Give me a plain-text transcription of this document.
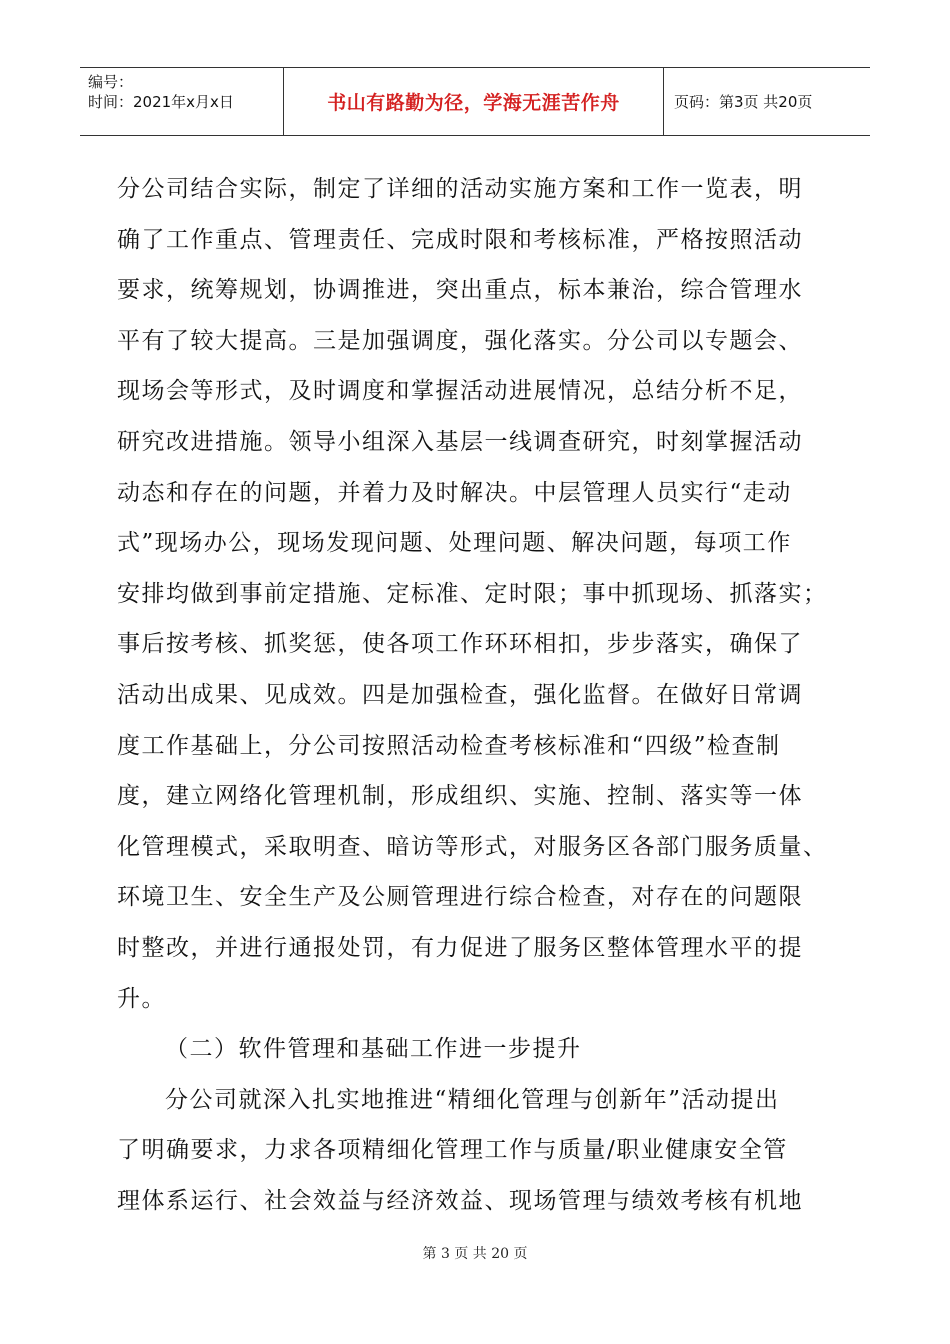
编号：
时间：2021年x月x日	书山有路勤为径，学海无涯苦作舟	页码：第3页 共20页
分公司结合实际，制定了详细的活动实施方案和工作一览表，明
确了工作重点、管理责任、完成时限和考核标准，严格按照活动
要求，统筹规划，协调推进，突出重点，标本兼治，综合管理水
平有了较大提高。三是加强调度，强化落实。分公司以专题会、
现场会等形式，及时调度和掌握活动进展情况，总结分析不足，
研究改进措施。领导小组深入基层一线调查研究，时刻掌握活动
动态和存在的问题，并着力及时解决。中层管理人员实行“走动
式”现场办公，现场发现问题、处理问题、解决问题，每项工作
安排均做到事前定措施、定标准、定时限；事中抓现场、抓落实；
事后按考核、抓奖惩，使各项工作环环相扣，步步落实，确保了
活动出成果、见成效。四是加强检查，强化监督。在做好日常调
度工作基础上，分公司按照活动检查考核标准和“四级”检查制
度，建立网络化管理机制，形成组织、实施、控制、落实等一体
化管理模式，采取明查、暗访等形式，对服务区各部门服务质量、
环境卫生、安全生产及公厕管理进行综合检查，对存在的问题限
时整改，并进行通报处罚，有力促进了服务区整体管理水平的提
升。
（二）软件管理和基础工作进一步提升
分公司就深入扎实地推进“精细化管理与创新年”活动提出
了明确要求，力求各项精细化管理工作与质量/职业健康安全管
理体系运行、社会效益与经济效益、现场管理与绩效考核有机地
第 3 页 共 20 页
